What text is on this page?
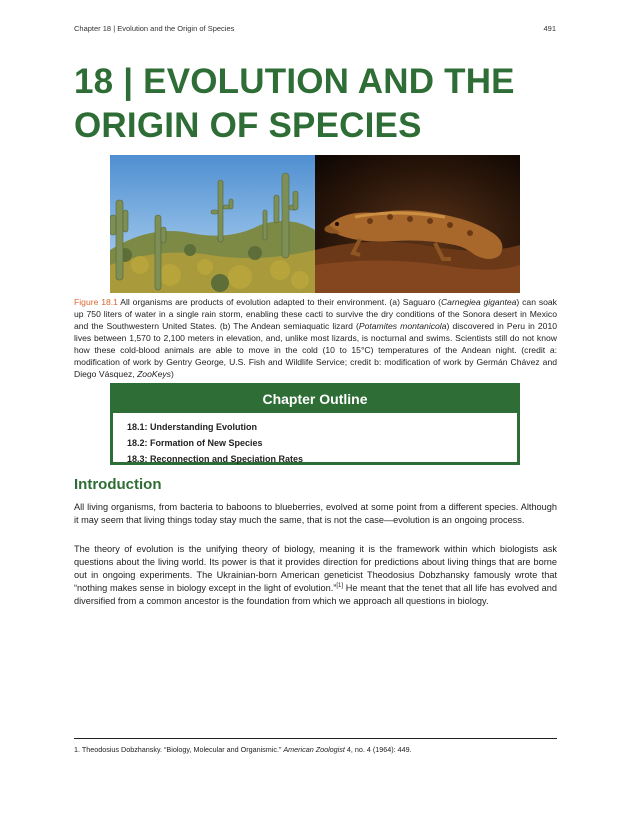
Chapter 18 | Evolution and the Origin of Species	491
18 | EVOLUTION AND THE
ORIGIN OF SPECIES

Figure 18.1 All organisms are products of evolution adapted to their environment. (a) Saguaro (Carnegiea gigantea) can soak up 750 liters of water in a single rain storm, enabling these cacti to survive the dry conditions of the Sonora desert in Mexico and the Southwestern United States. (b) The Andean semiaquatic lizard (Potamites montanicola) discovered in Peru in 2010 lives between 1,570 to 2,100 meters in elevation, and, unlike most lizards, is nocturnal and swims. Scientists still do not know how these cold-blood animals are able to move in the cold (10 to 15°C) temperatures of the Andean night. (credit a: modification of work by Gentry George, U.S. Fish and Wildlife Service; credit b: modification of work by Germán Chávez and Diego Vásquez, ZooKeys)

Chapter Outline
18.1: Understanding Evolution
18.2: Formation of New Species
18.3: Reconnection and Speciation Rates
Introduction

All living organisms, from bacteria to baboons to blueberries, evolved at some point from a different species. Although it may seem that living things today stay much the same, that is not the case—evolution is an ongoing process.

The theory of evolution is the unifying theory of biology, meaning it is the framework within which biologists ask questions about the living world. Its power is that it provides direction for predictions about living things that are borne out in ongoing experiments. The Ukrainian-born American geneticist Theodosius Dobzhansky famously wrote that “nothing makes sense in biology except in the light of evolution.”[1] He meant that the tenet that all life has evolved and diversified from a common ancestor is the foundation from which we approach all questions in biology.

1. Theodosius Dobzhansky. “Biology, Molecular and Organismic.” American Zoologist 4, no. 4 (1964): 449.
